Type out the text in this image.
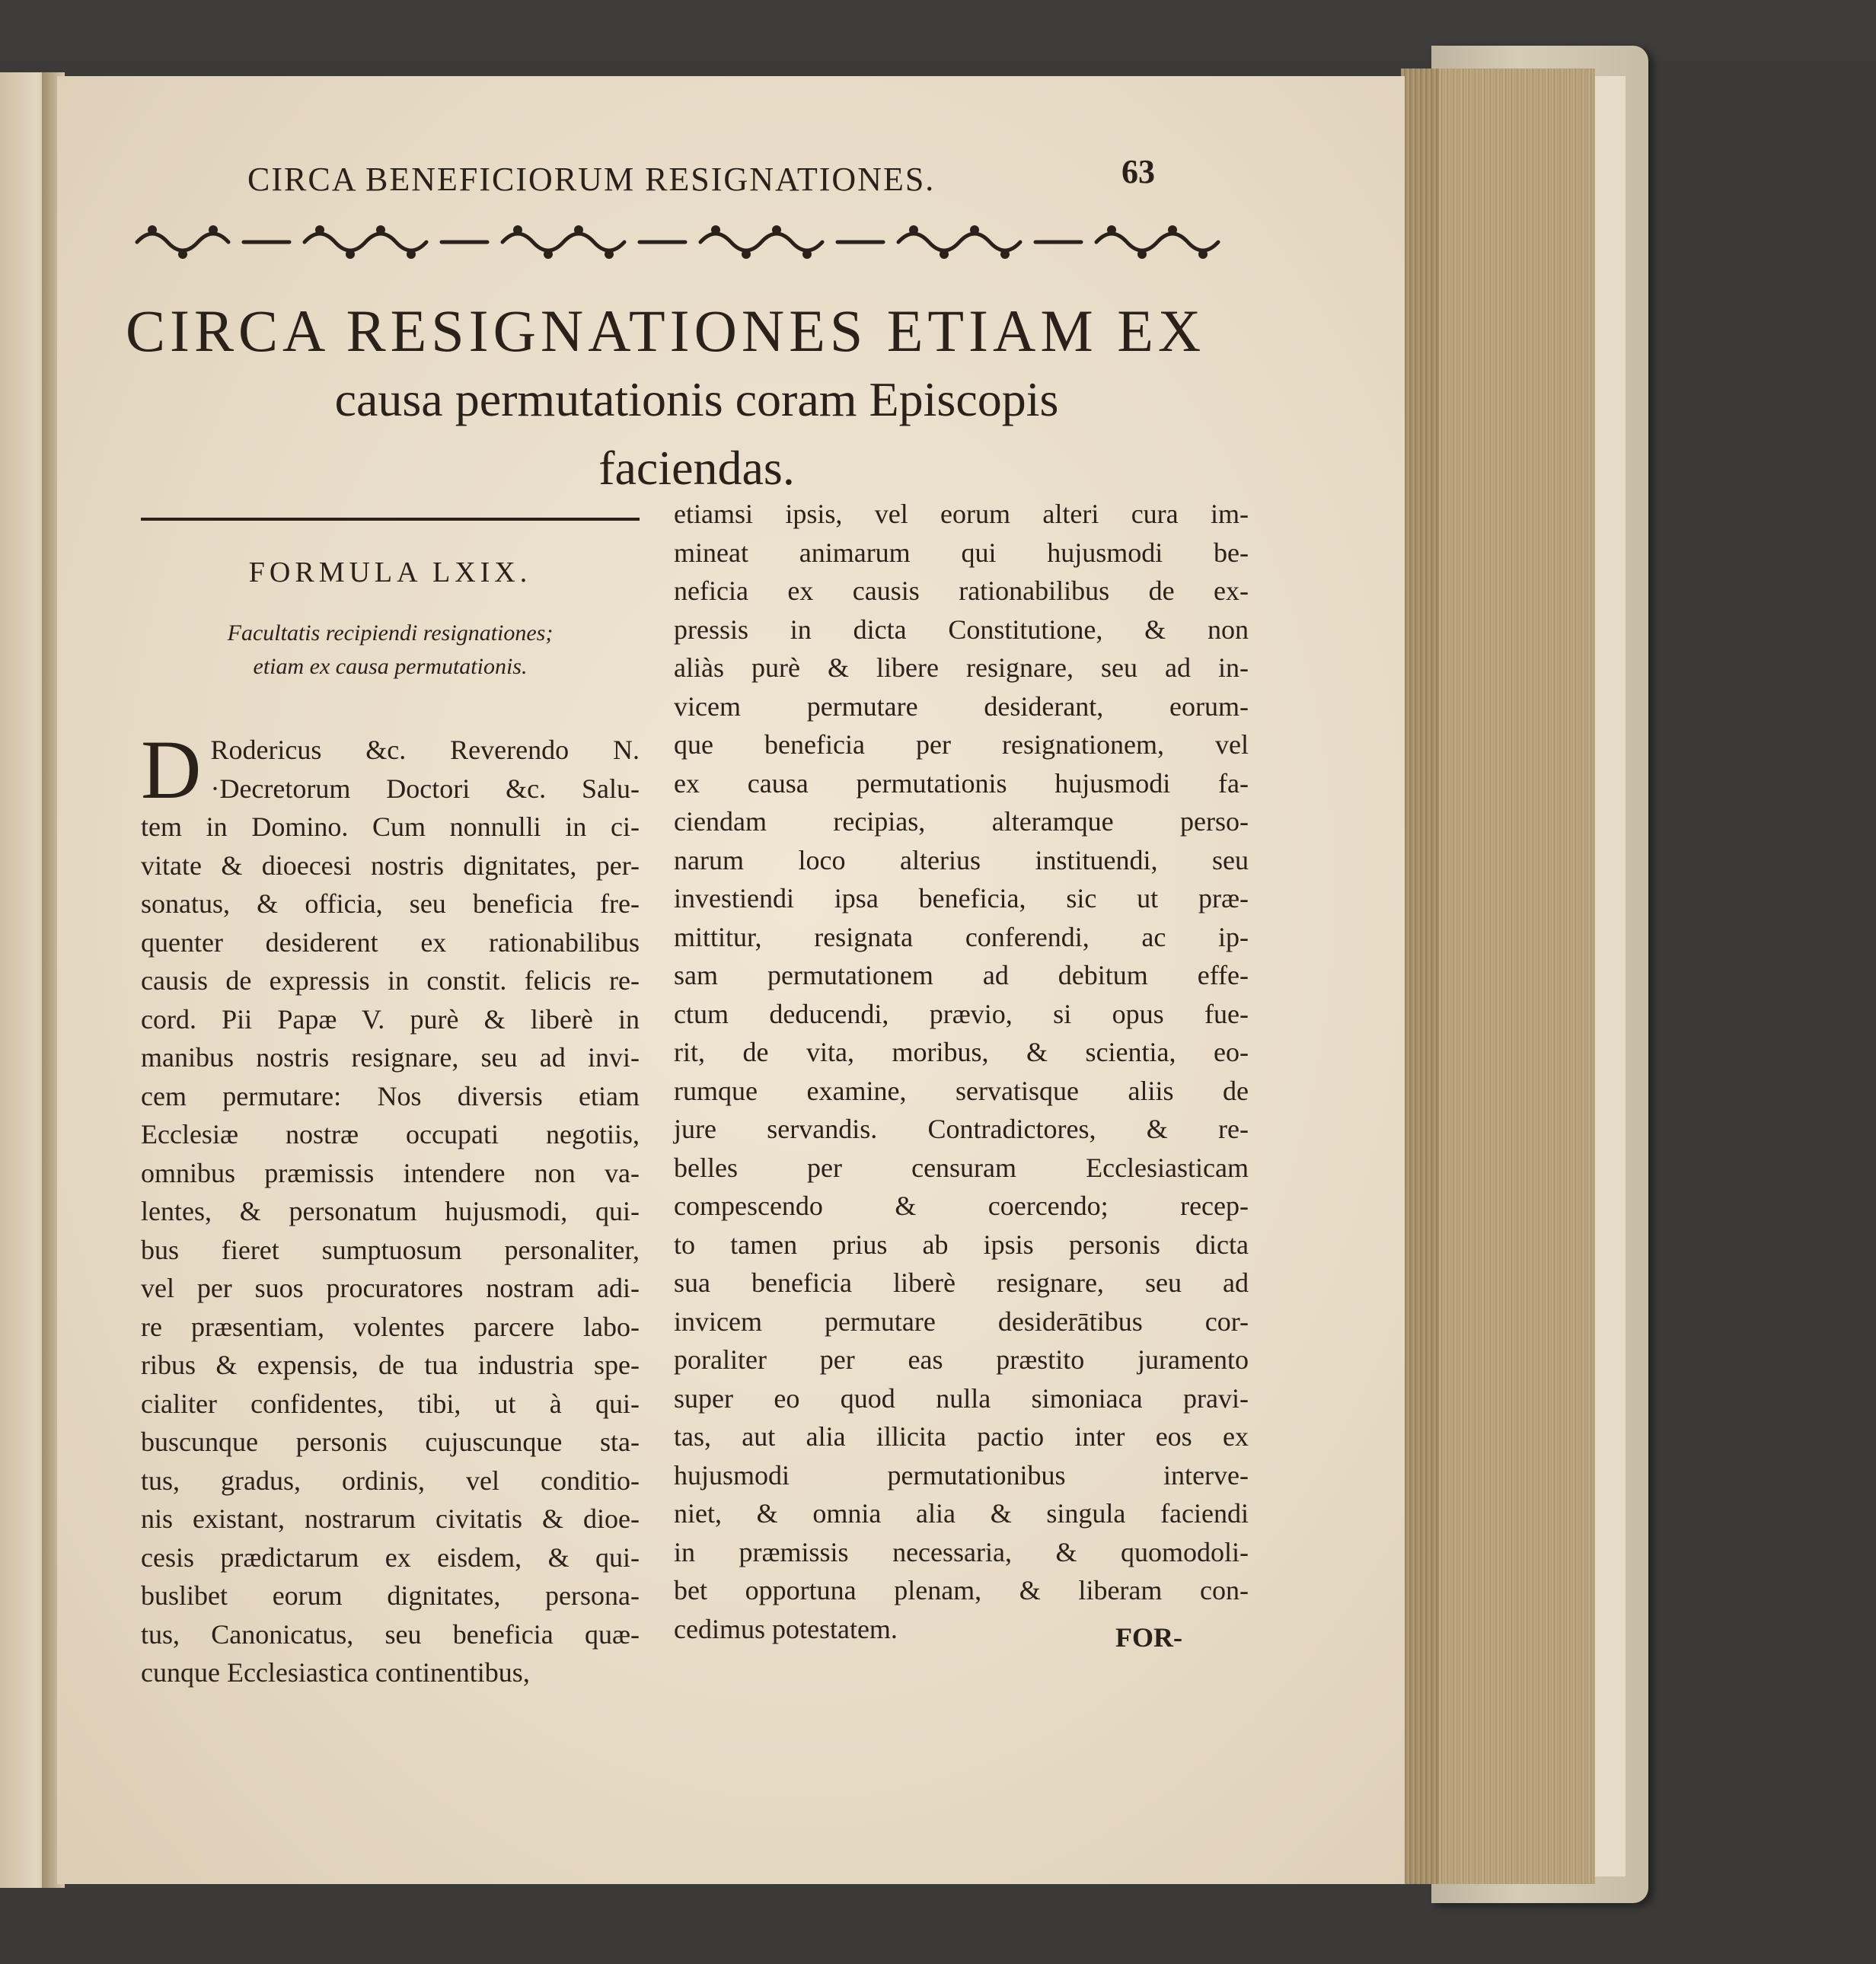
CIRCA BENEFICIORUM RESIGNATIONES.	63
CIRCA RESIGNATIONES ETIAM EX
causa permutationis coram Episcopis
faciendas.
FORMULA LXIX.
Facultatis recipiendi resignationes;
etiam ex causa permutationis.
D Rodericus &c. Reverendo N.
·Decretorum Doctori &c. Salu-
tem in Domino. Cum nonnulli in ci-
vitate & dioecesi nostris dignitates, per-
sonatus, & officia, seu beneficia fre-
quenter desiderent ex rationabilibus
causis de expressis in constit. felicis re-
cord. Pii Papæ V. purè & liberè in
manibus nostris resignare, seu ad invi-
cem permutare: Nos diversis etiam
Ecclesiæ nostræ occupati negotiis,
omnibus præmissis intendere non va-
lentes, & personatum hujusmodi, qui-
bus fieret sumptuosum personaliter,
vel per suos procuratores nostram adi-
re præsentiam, volentes parcere labo-
ribus & expensis, de tua industria spe-
cialiter confidentes, tibi, ut à qui-
buscunque personis cujuscunque sta-
tus, gradus, ordinis, vel conditio-
nis existant, nostrarum civitatis & dioe-
cesis prædictarum ex eisdem, & qui-
buslibet eorum dignitates, persona-
tus, Canonicatus, seu beneficia quæ-
cunque Ecclesiastica continentibus,
etiamsi ipsis, vel eorum alteri cura im-
mineat animarum qui hujusmodi be-
neficia ex causis rationabilibus de ex-
pressis in dicta Constitutione, & non
aliàs purè & libere resignare, seu ad in-
vicem permutare desiderant, eorum-
que beneficia per resignationem, vel
ex causa permutationis hujusmodi fa-
ciendam recipias, alteramque perso-
narum loco alterius instituendi, seu
investiendi ipsa beneficia, sic ut præ-
mittitur, resignata conferendi, ac ip-
sam permutationem ad debitum effe-
ctum deducendi, prævio, si opus fue-
rit, de vita, moribus, & scientia, eo-
rumque examine, servatisque aliis de
jure servandis. Contradictores, & re-
belles per censuram Ecclesiasticam
compescendo & coercendo; recep-
to tamen prius ab ipsis personis dicta
sua beneficia liberè resignare, seu ad
invicem permutare desiderātibus cor-
poraliter per eas præstito juramento
super eo quod nulla simoniaca pravi-
tas, aut alia illicita pactio inter eos ex
hujusmodi permutationibus interve-
niet, & omnia alia & singula faciendi
in præmissis necessaria, & quomodoli-
bet opportuna plenam, & liberam con-
cedimus potestatem.	FOR-
